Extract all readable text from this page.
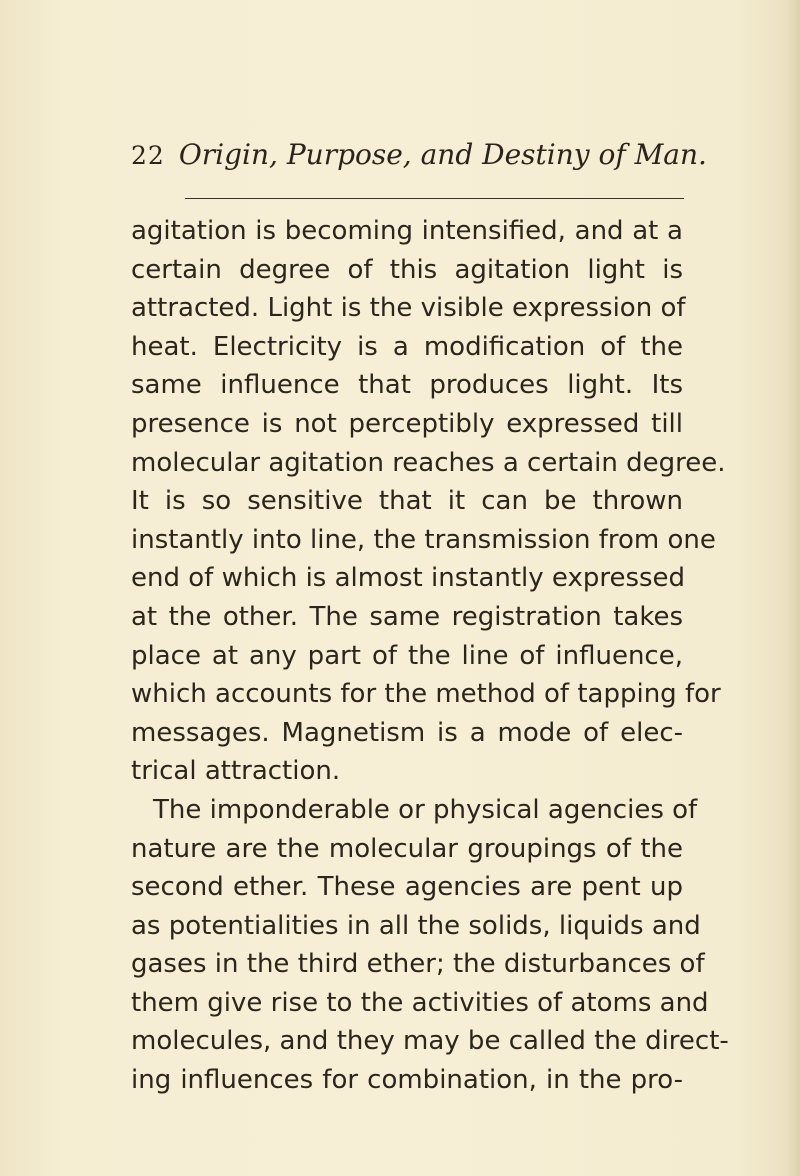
22 Origin, Purpose, and Destiny of Man.
agitation is becoming intensified, and at a
certain degree of this agitation light is
attracted. Light is the visible expression of
heat. Electricity is a modification of the
same influence that produces light. Its
presence is not perceptibly expressed till
molecular agitation reaches a certain degree.
It is so sensitive that it can be thrown
instantly into line, the transmission from one
end of which is almost instantly expressed
at the other. The same registration takes
place at any part of the line of influence,
which accounts for the method of tapping for
messages. Magnetism is a mode of elec-
trical attraction.
The imponderable or physical agencies of
nature are the molecular groupings of the
second ether. These agencies are pent up
as potentialities in all the solids, liquids and
gases in the third ether; the disturbances of
them give rise to the activities of atoms and
molecules, and they may be called the direct-
ing influences for combination, in the pro-
